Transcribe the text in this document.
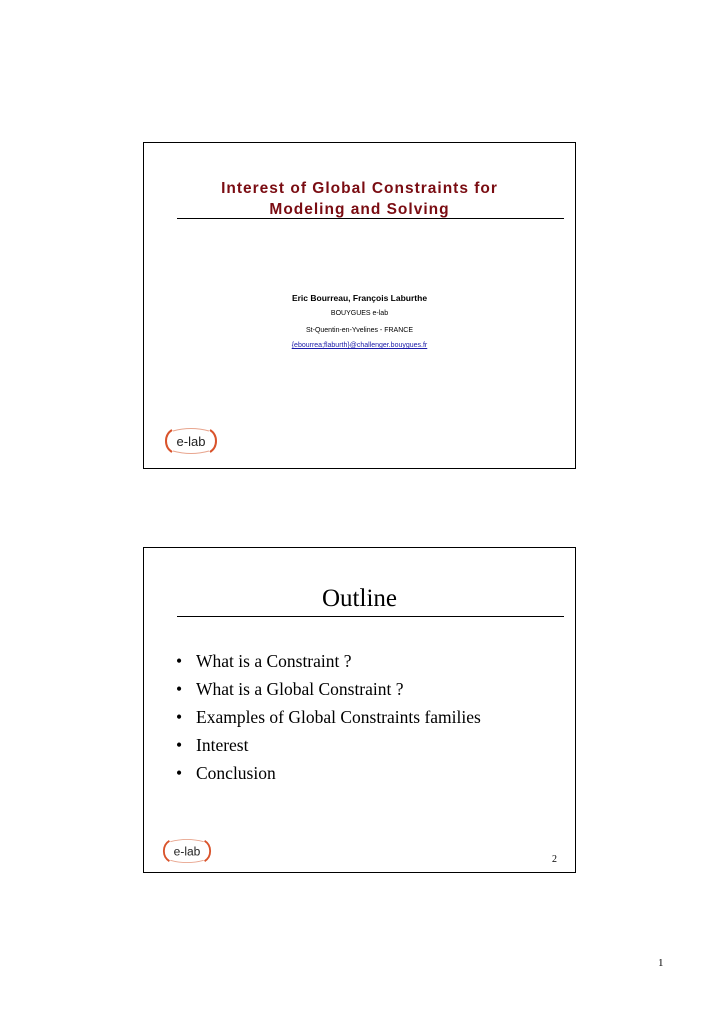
Interest of Global Constraints for
Modeling and Solving
Eric Bourreau, François Laburthe
BOUYGUES e-lab
St-Quentin-en-Yvelines - FRANCE
{ebourrea;flaburth}@challenger.bouygues.fr
e-lab
Outline
• What is a Constraint ?
• What is a Global Constraint ?
• Examples of Global Constraints families
• Interest
• Conclusion
e-lab
2
1
